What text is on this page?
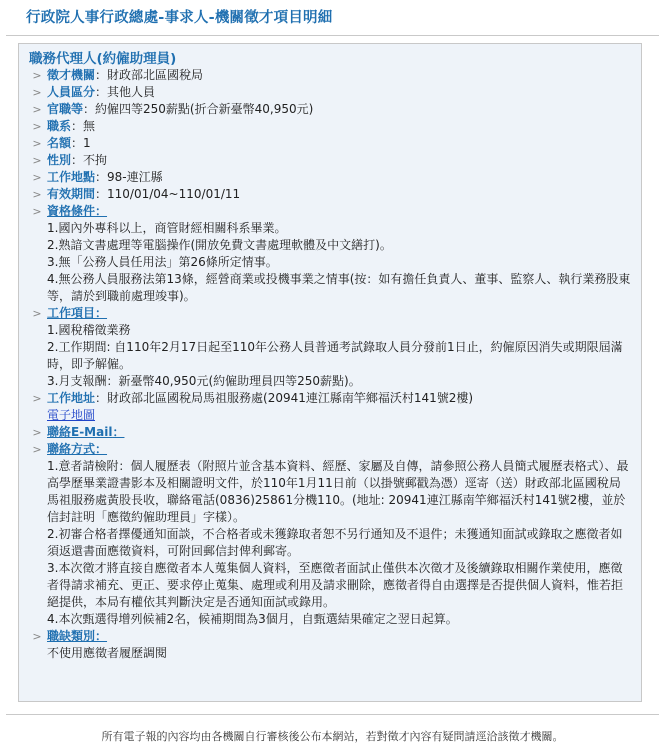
行政院人事行政總處-事求人-機關徵才項目明細
職務代理人(約僱助理員)
> 徵才機關 ： 財政部北區國稅局
> 人員區分 ： 其他人員
> 官職等 ： 約僱四等250薪點(折合新臺幣40,950元)
> 職系 ： 無
> 名額 ： 1
> 性別 ： 不拘
> 工作地點 ： 98-連江縣
> 有效期間 ： 110/01/04~110/01/11
> 資格條件 ：

1.國內外專科以上，商管財經相關科系畢業。

2.熟諳文書處理等電腦操作(開放免費文書處理軟體及中文繕打)。

3.無「公務人員任用法」第26條所定情事。

4.無公務人員服務法第13條，經營商業或投機事業之情事(按：如有擔任負責人、董事、監察人、執行業務股東等，請於到職前處理竣事)。

> 工作項目 ：

1.國稅稽徵業務

2.工作期間: 自110年2月17日起至110年公務人員普通考試錄取人員分發前1日止，約僱原因消失或期限屆滿時，即予解僱。

3.月支報酬：新臺幣40,950元(約僱助理員四等250薪點)。

> 工作地址 ： 財政部北區國稅局馬祖服務處(20941連江縣南竿鄉福沃村141號2樓)
電子地圖
> 聯絡E-Mail ：
> 聯絡方式 ：

1.意者請檢附：個人履歷表（附照片並含基本資料、經歷、家屬及自傳，請參照公務人員簡式履歷表格式）、最高學歷畢業證書影本及相關證明文件，於110年1月11日前（以掛號郵戳為憑）逕寄（送）財政部北區國稅局馬祖服務處黃股長收，聯絡電話(0836)25861分機110。(地址: 20941連江縣南竿鄉福沃村141號2樓，並於信封註明「應徵約僱助理員」字樣）。

2.初審合格者擇優通知面談，不合格者或未獲錄取者恕不另行通知及不退件；未獲通知面試或錄取之應徵者如須返還書面應徵資料，可附回郵信封俾利郵寄。

3.本次徵才將直接自應徵者本人蒐集個人資料，至應徵者面試止僅供本次徵才及後續錄取相關作業使用，應徵者得請求補充、更正、要求停止蒐集、處理或利用及請求刪除，應徵者得自由選擇是否提供個人資料，惟若拒絕提供，本局有權依其判斷決定是否通知面試或錄用。

4.本次甄選得增列候補2名，候補期間為3個月，自甄選結果確定之翌日起算。

> 職缺類別 ：

不使用應徵者履歷調閱

所有電子報的內容均由各機關自行審核後公布本網站，若對徵才內容有疑問請逕洽該徵才機關。
